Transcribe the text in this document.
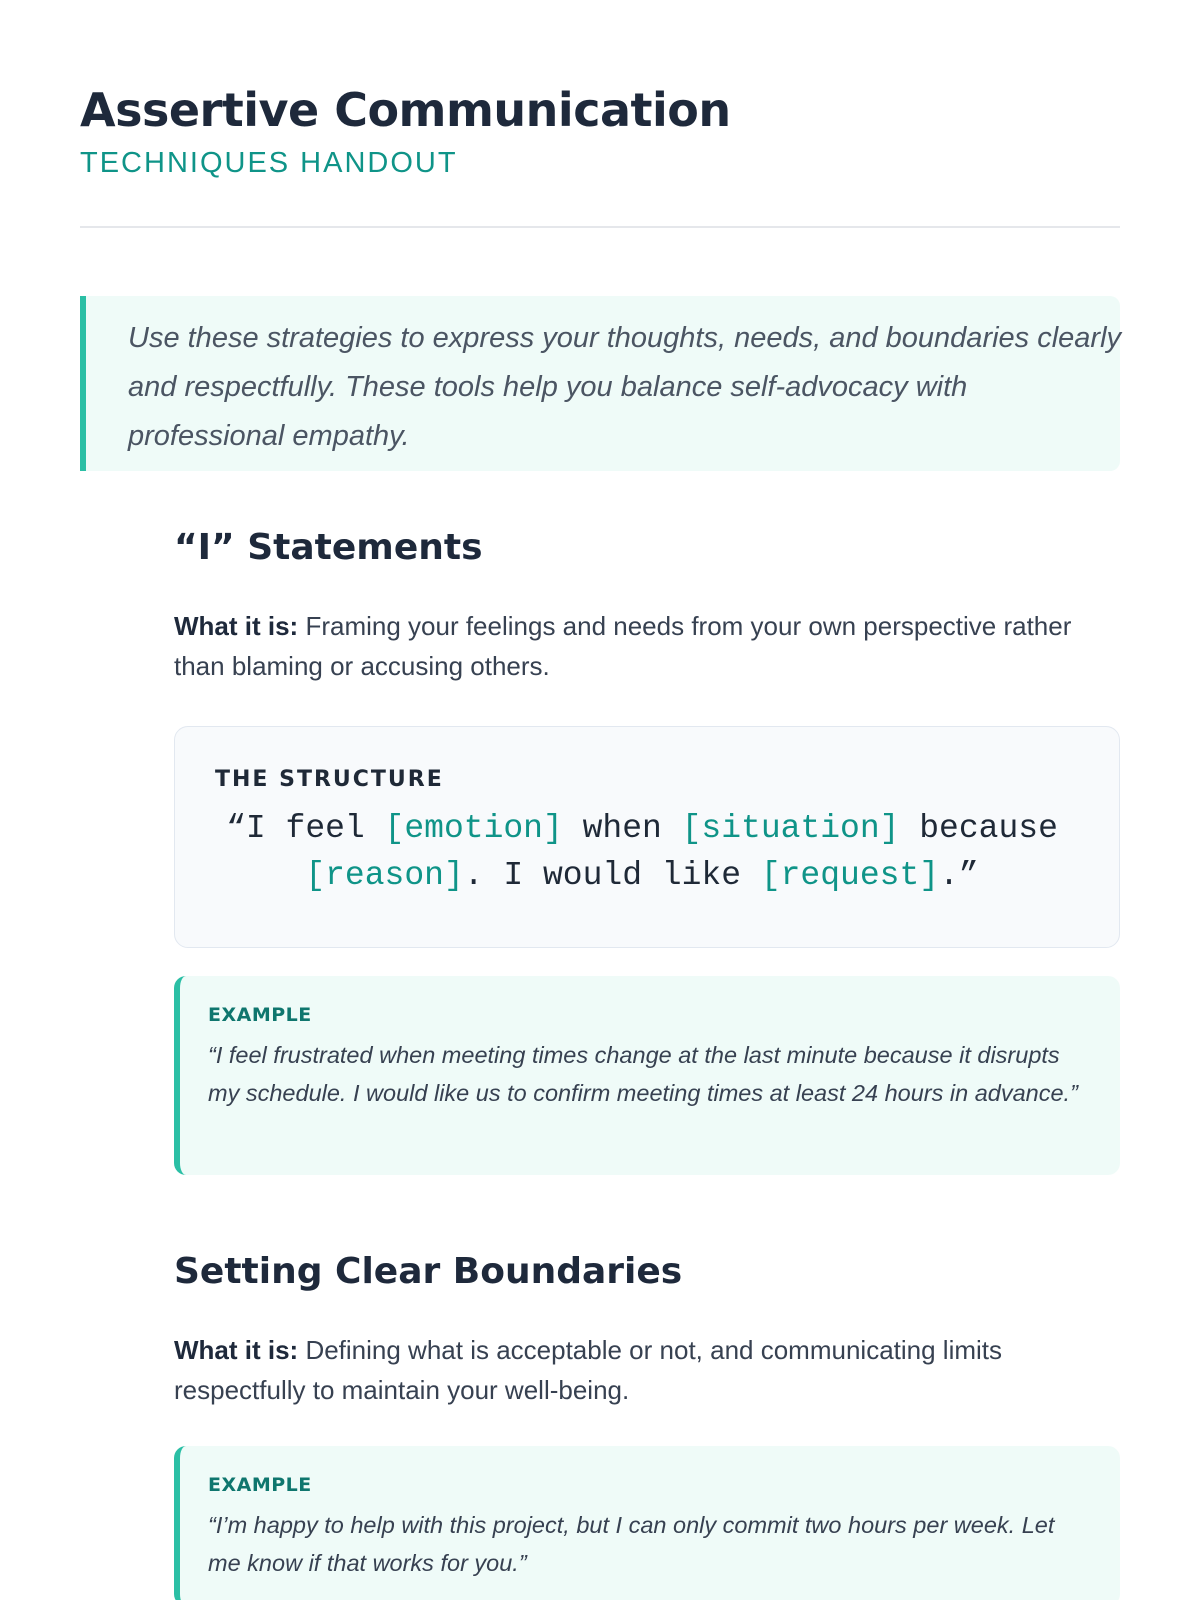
Assertive Communication
TECHNIQUES HANDOUT

Use these strategies to express your thoughts, needs, and boundaries clearly and respectfully. These tools help you balance self-advocacy with professional empathy.

“I” Statements

What it is: Framing your feelings and needs from your own perspective rather than blaming or accusing others.

THE STRUCTURE
“I feel [emotion] when [situation] because [reason]. I would like [request].”
EXAMPLE
“I feel frustrated when meeting times change at the last minute because it disrupts my schedule. I would like us to confirm meeting times at least 24 hours in advance.”
Setting Clear Boundaries

What it is: Defining what is acceptable or not, and communicating limits respectfully to maintain your well-being.

EXAMPLE
“I’m happy to help with this project, but I can only commit two hours per week. Let me know if that works for you.”
